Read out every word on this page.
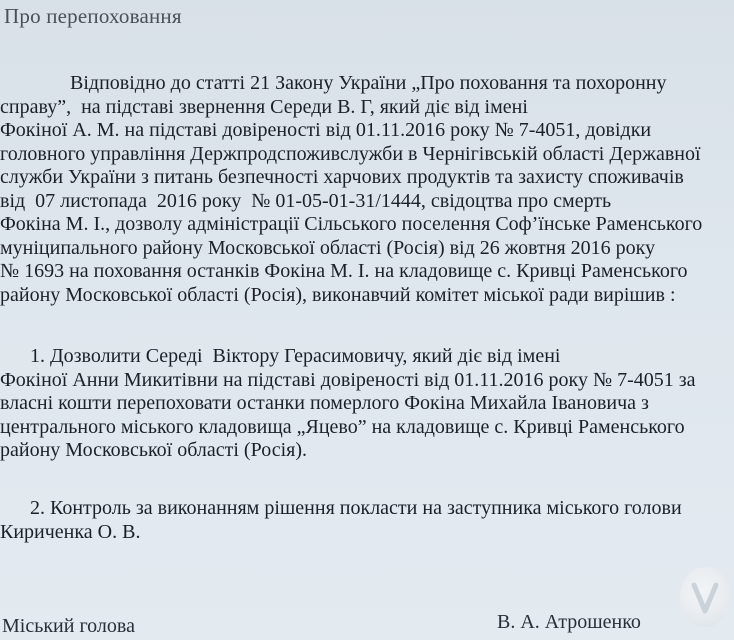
Про перепоховання
Відповідно до статті 21 Закону України „Про поховання та похоронну
справу”,  на підставі звернення Середи В. Г, який діє від імені
Фокіної А. М. на підставі довіреності від 01.11.2016 року № 7-4051, довідки
головного управління Держпродспоживслужби в Чернігівській області Державної
служби України з питань безпечності харчових продуктів та захисту споживачів
від  07 листопада  2016 року  № 01-05-01-31/1444, свідоцтва про смерть
Фокіна М. І., дозволу адміністрації Сільського поселення Соф’їнське Раменського
муніципального району Московської області (Росія) від 26 жовтня 2016 року
№ 1693 на поховання останків Фокіна М. І. на кладовище с. Кривці Раменського
району Московської області (Росія), виконавчий комітет міської ради вирішив :
1. Дозволити Середі  Віктору Герасимовичу, який діє від імені
Фокіної Анни Микитівни на підставі довіреності від 01.11.2016 року № 7-4051 за
власні кошти перепоховати останки померлого Фокіна Михайла Івановича з
центрального міського кладовища „Яцево” на кладовище с. Кривці Раменського
району Московської області (Росія).
2. Контроль за виконанням рішення покласти на заступника міського голови
Кириченка О. В.
Міський голова	В. А. Атрошенко
